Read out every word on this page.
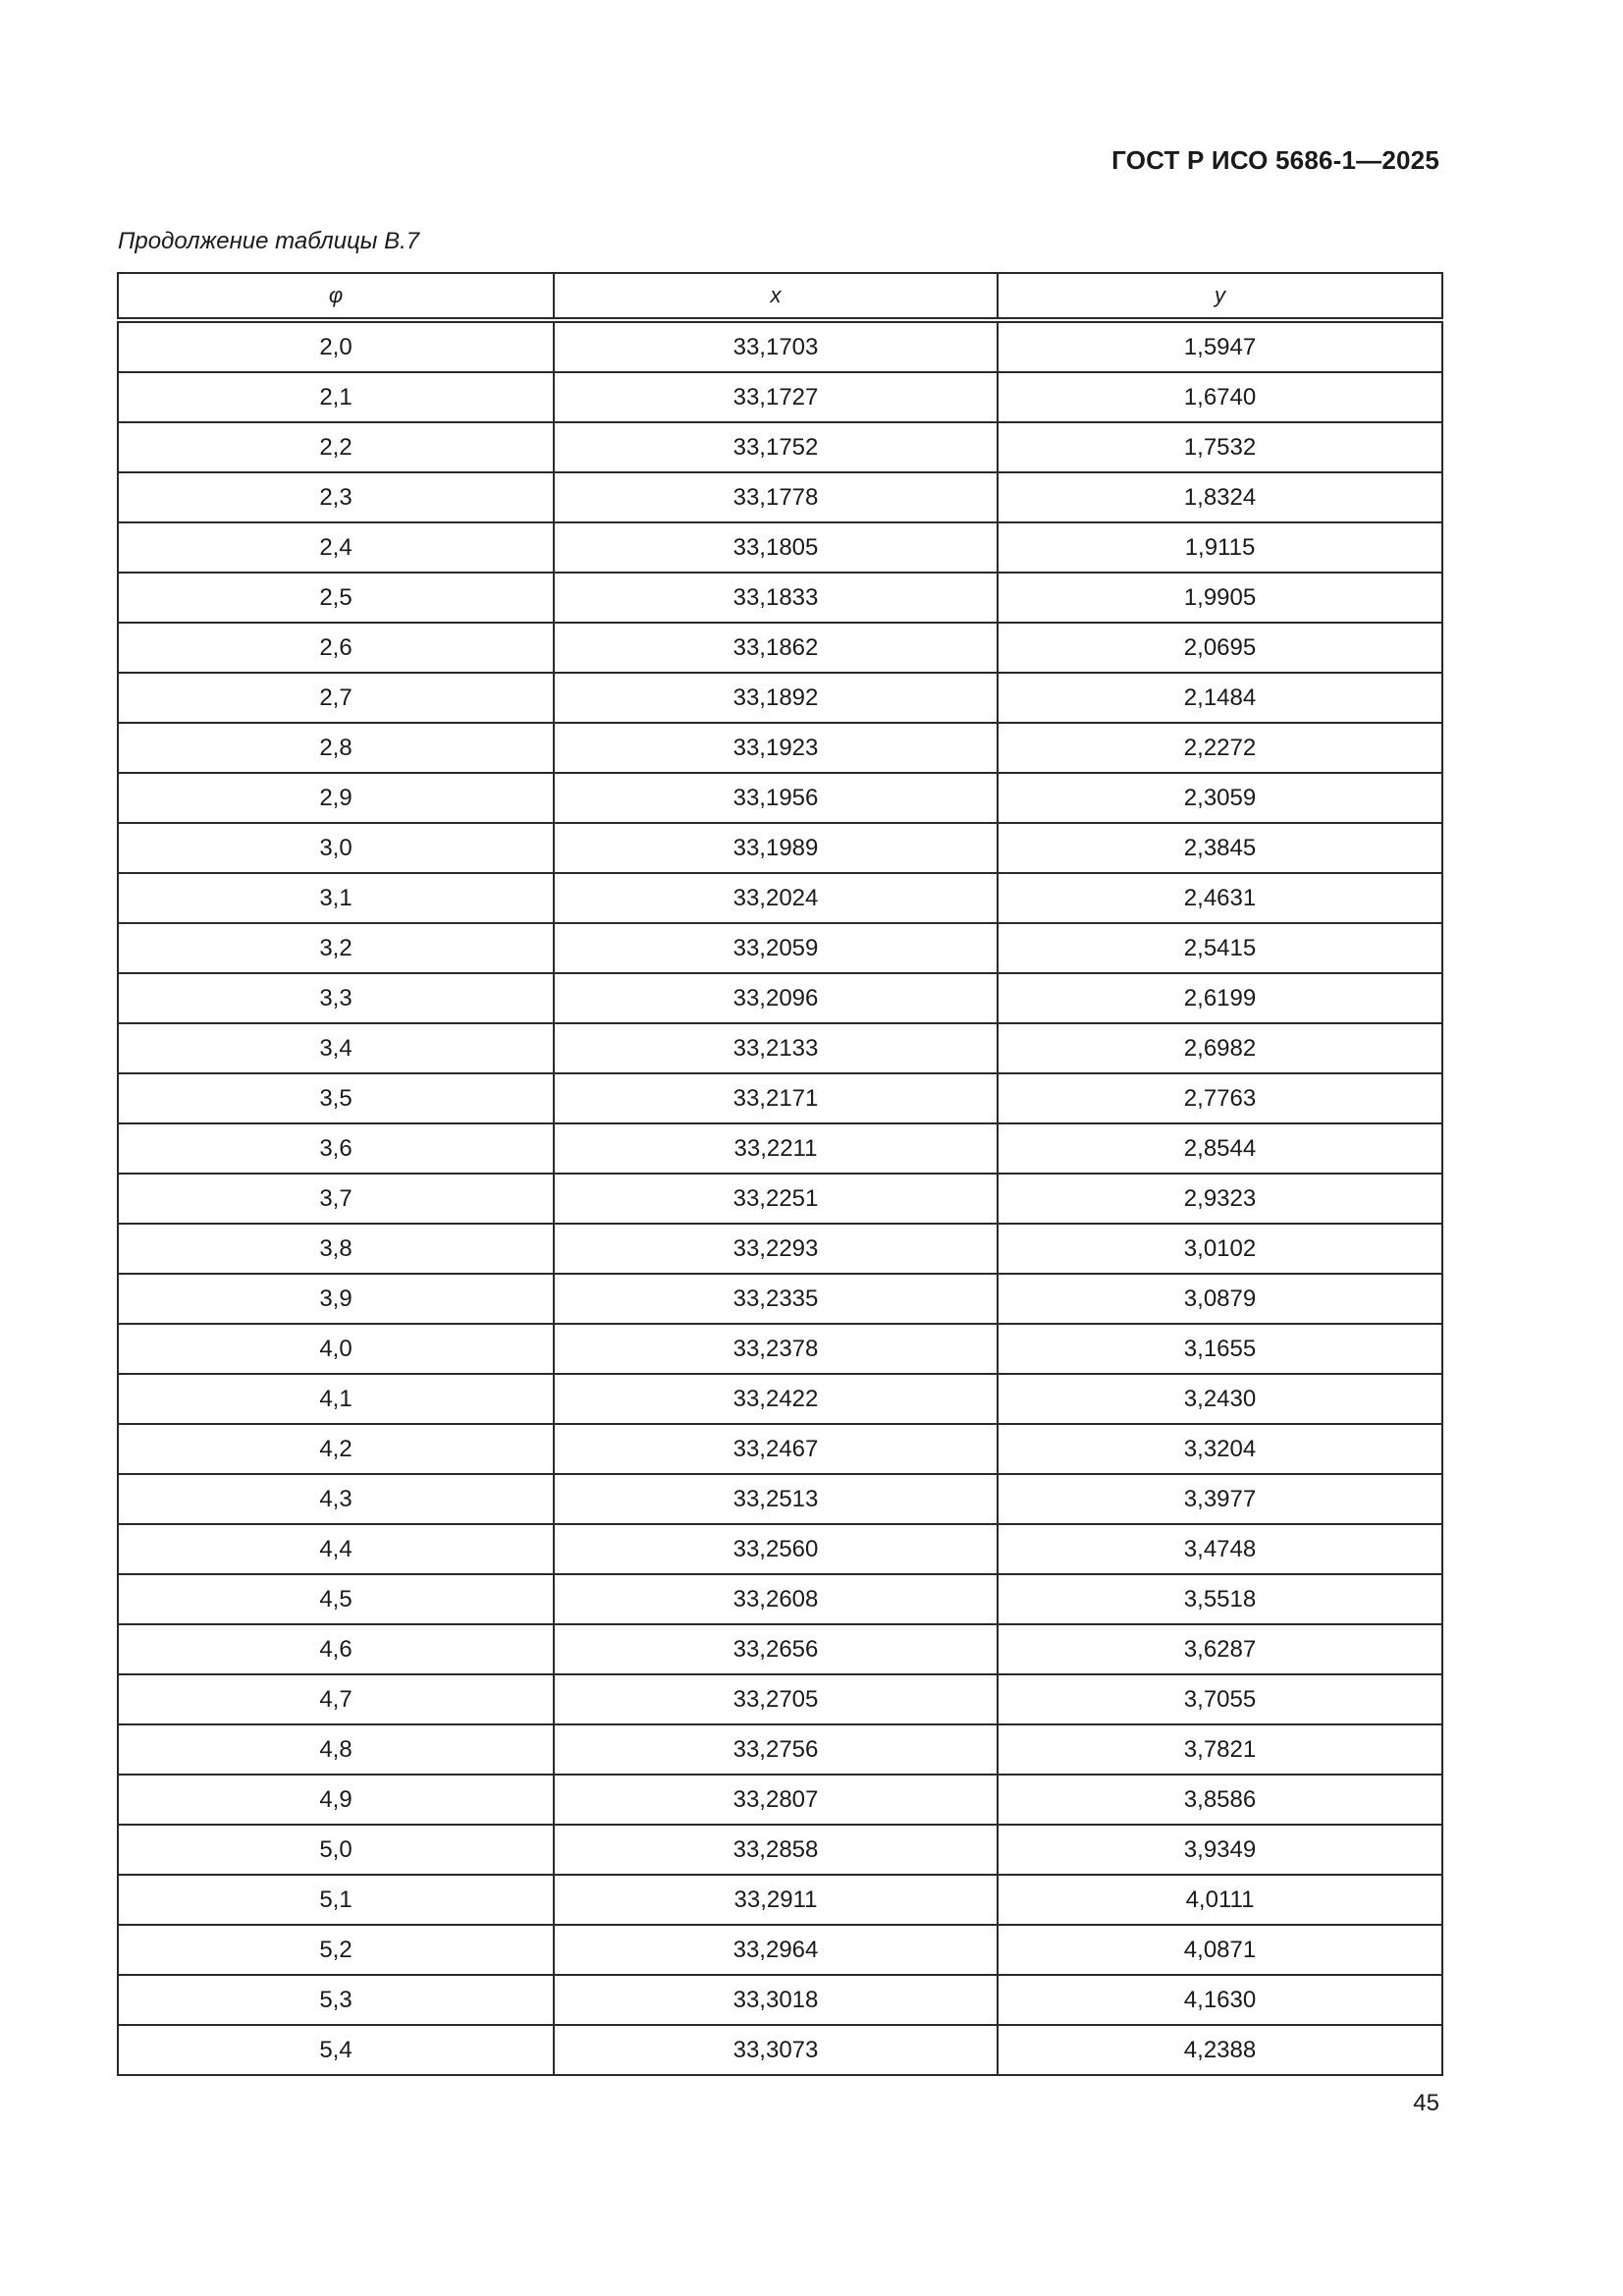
ГОСТ Р ИСО 5686-1—2025
Продолжение таблицы В.7
φ	x	y
2,0	33,1703	1,5947
2,1	33,1727	1,6740
2,2	33,1752	1,7532
2,3	33,1778	1,8324
2,4	33,1805	1,9115
2,5	33,1833	1,9905
2,6	33,1862	2,0695
2,7	33,1892	2,1484
2,8	33,1923	2,2272
2,9	33,1956	2,3059
3,0	33,1989	2,3845
3,1	33,2024	2,4631
3,2	33,2059	2,5415
3,3	33,2096	2,6199
3,4	33,2133	2,6982
3,5	33,2171	2,7763
3,6	33,2211	2,8544
3,7	33,2251	2,9323
3,8	33,2293	3,0102
3,9	33,2335	3,0879
4,0	33,2378	3,1655
4,1	33,2422	3,2430
4,2	33,2467	3,3204
4,3	33,2513	3,3977
4,4	33,2560	3,4748
4,5	33,2608	3,5518
4,6	33,2656	3,6287
4,7	33,2705	3,7055
4,8	33,2756	3,7821
4,9	33,2807	3,8586
5,0	33,2858	3,9349
5,1	33,2911	4,0111
5,2	33,2964	4,0871
5,3	33,3018	4,1630
5,4	33,3073	4,2388
45
